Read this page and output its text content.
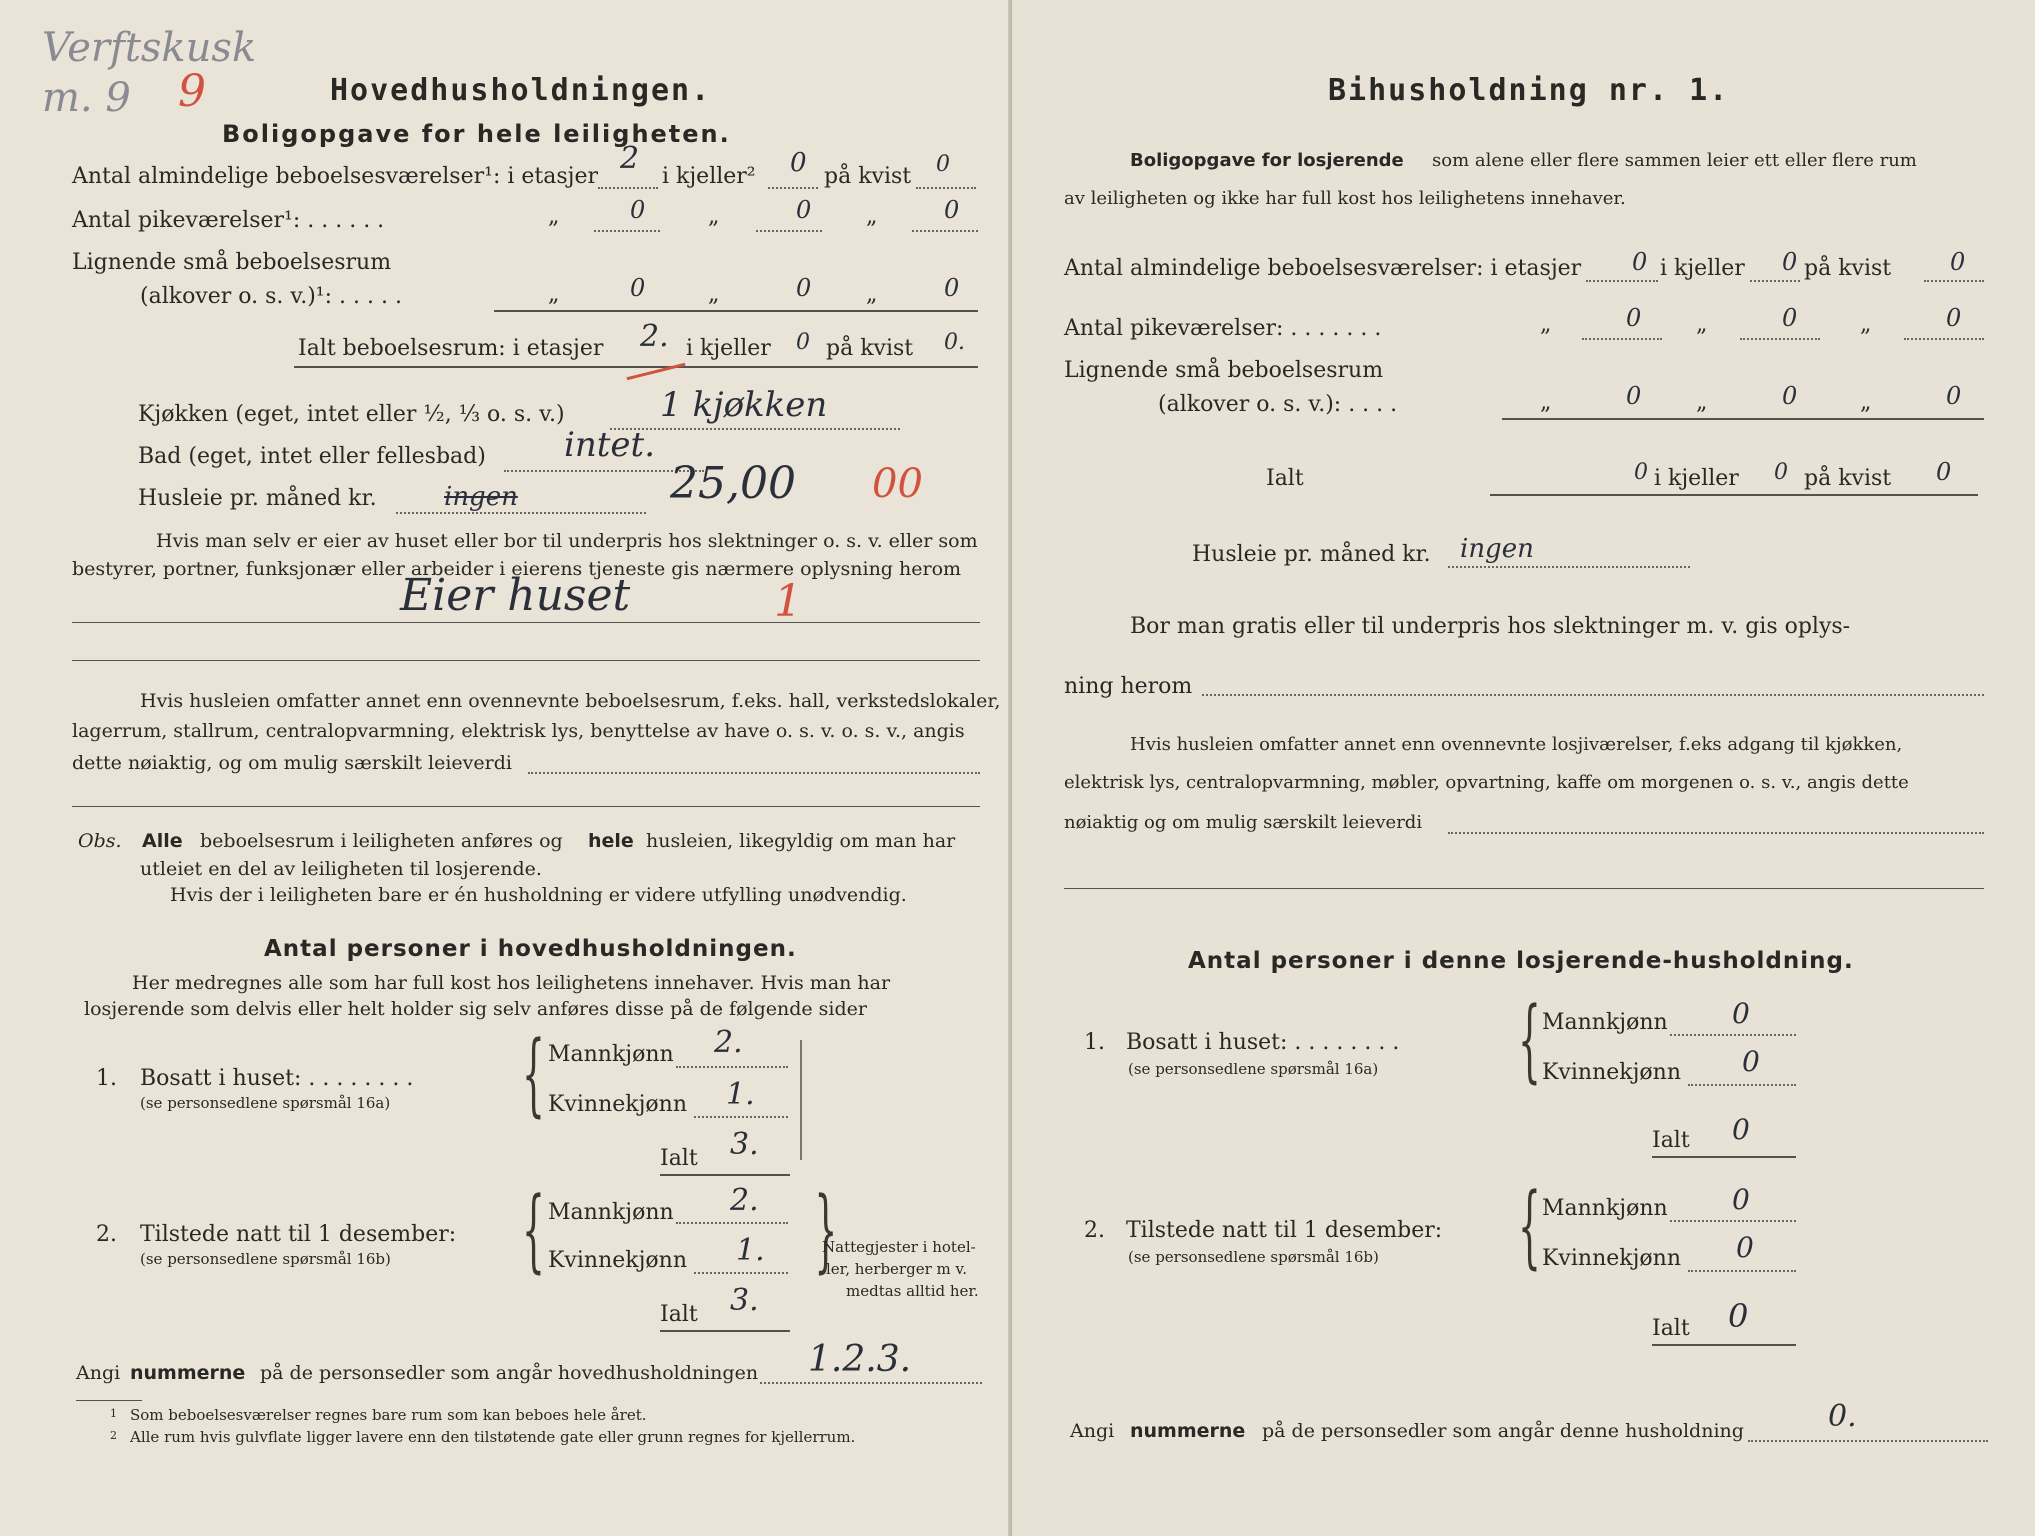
Verftskusk
m. 9 9	Hovedhusholdningen.
Boligopgave for hele leiligheten.
Antal almindelige beboelsesværelser¹: i etasjer
2
i kjeller² 0 på kvist 0
Antal pikeværelser¹: . . . . . .	„	0	„	0 „	0
Lignende små beboelsesrum
(alkover o. s. v.)¹: . . . . .	„	0	„	0 „	0
Ialt beboelsesrum: i etasjer 2. i kjeller 0 på kvist 0.
Kjøkken (eget, intet eller ½, ⅓ o. s. v.)	1 kjøkken
Bad (eget, intet eller fellesbad) intet.
Husleie pr. måned kr.	ingen	25,00 00
Hvis man selv er eier av huset eller bor til underpris hos slektninger o. s. v. eller som
bestyrer, portner, funksjonær eller arbeider i eierens tjeneste gis nærmere oplysning herom
Eier huset	1
Hvis husleien omfatter annet enn ovennevnte beboelsesrum, f.eks. hall, verkstedslokaler,
lagerrum, stallrum, centralopvarmning, elektrisk lys, benyttelse av have o. s. v. o. s. v., angis
dette nøiaktig, og om mulig særskilt leieverdi
Obs. Alle beboelsesrum i leiligheten anføres og hele husleien, likegyldig om man har
utleiet en del av leiligheten til losjerende.
Hvis der i leiligheten bare er én husholdning er videre utfylling unødvendig.
Antal personer i hovedhusholdningen.
Her medregnes alle som har full kost hos leilighetens innehaver. Hvis man har
losjerende som delvis eller helt holder sig selv anføres disse på de følgende sider
1. Bosatt i huset: . . . . . . . .
(se personsedlene spørsmål 16a) { Mannkjønn 2.
Kvinnekjønn 1.
Ialt 3.
2. Tilstede natt til 1 desember:
(se personsedlene spørsmål 16b) { Mannkjønn 2.
Kvinnekjønn 1.
Ialt 3.
}
Nattegjester i hotel-
ler, herberger m v.
medtas alltid her.
Angi nummerne på de personsedler som angår hovedhusholdningen 1.2.3.
1 Som beboelsesværelser regnes bare rum som kan beboes hele året.
2 Alle rum hvis gulvflate ligger lavere enn den tilstøtende gate eller grunn regnes for kjellerrum.
Bihusholdning nr. 1.
Boligopgave for losjerende som alene eller flere sammen leier ett eller flere rum
av leiligheten og ikke har full kost hos leilighetens innehaver.
Antal almindelige beboelsesværelser: i etasjer 0 i kjeller 0 på kvist 0
Antal pikeværelser: . . . . . . .	„	0 „	0	„	0
Lignende små beboelsesrum
(alkover o. s. v.): . . . .	„	0 „	0	„	0
Ialt	0 i kjeller 0 på kvist 0
Husleie pr. måned kr. ingen
Bor man gratis eller til underpris hos slektninger m. v. gis oplys-
ning herom
Hvis husleien omfatter annet enn ovennevnte losjiværelser, f.eks adgang til kjøkken,
elektrisk lys, centralopvarmning, møbler, opvartning, kaffe om morgenen o. s. v., angis dette
nøiaktig og om mulig særskilt leieverdi
Antal personer i denne losjerende-husholdning.
1. Bosatt i huset: . . . . . . . .
(se personsedlene spørsmål 16a) { Mannkjønn 0
Kvinnekjønn 0
Ialt 0
2. Tilstede natt til 1 desember:
(se personsedlene spørsmål 16b) { Mannkjønn 0
Kvinnekjønn 0
Ialt 0
Angi nummerne på de personsedler som angår denne husholdning	0.
